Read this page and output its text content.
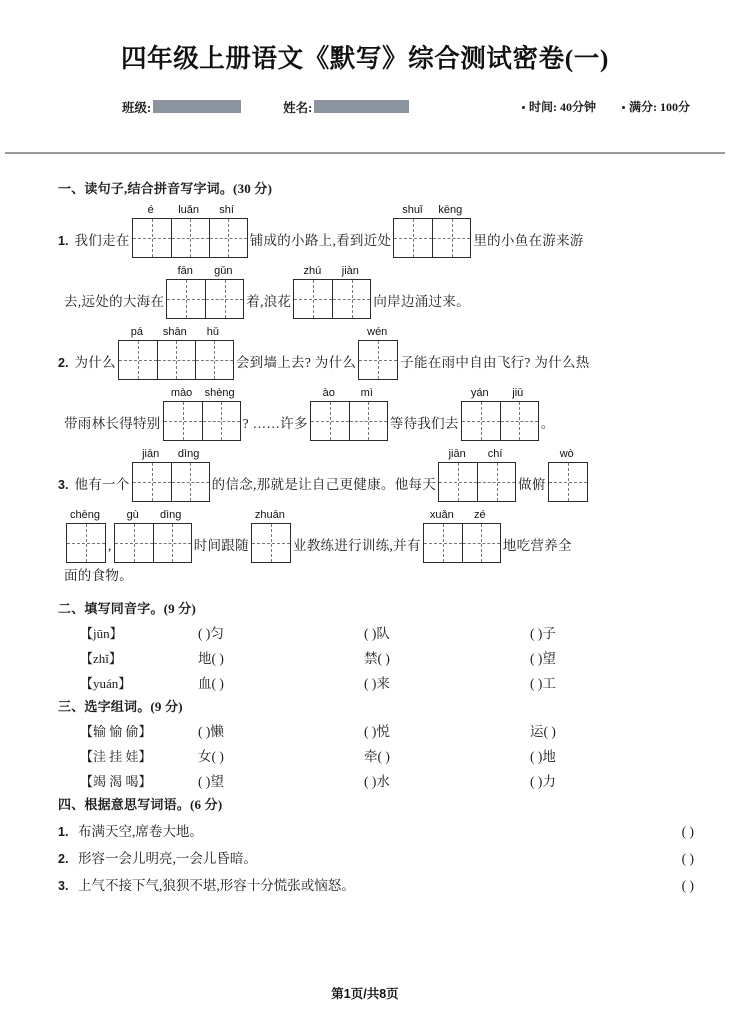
四年级上册语文《默写》综合测试密卷(一)
班级:	姓名:	时间: 40分钟	满分: 100分
一、读句子,结合拼音写字词。(30 分)
1. 我们走在
é	luǎn	shí
铺成的小路上,看到近处
shuǐ	kēng
里的小鱼在游来游
去,远处的大海在
fān	gǔn
着,浪花
zhú	jiàn
向岸边涌过来。
2. 为什么
pá	shān	hǔ
会到墙上去? 为什么
wén
子能在雨中自由飞行? 为什么热
带雨林长得特别
mào	shèng
? ……许多
ào	mì
等待我们去
yán	jiū
。
3. 他有一个
jiān	dìng
的信念,那就是让自己更健康。他每天
jiān	chí
做俯
wò
chēng
,
gù	dìng
时间跟随
zhuān
业教练进行训练,并有
xuǎn	zé
地吃营养全
面的食物。
二、填写同音字。(9 分)
【jūn】	( )匀	( )队	( )子
【zhǐ】	地( )	禁( )	( )望
【yuán】	血( )	( )来	( )工
三、选字组词。(9 分)
【输 愉 偷】	( )懒	( )悦	运( )
【洼 挂 娃】	女( )	牵( )	( )地
【竭 渴 喝】	( )望	( )水	( )力
四、根据意思写词语。(6 分)
1. 布满天空,席卷大地。	( )
2. 形容一会儿明亮,一会儿昏暗。	( )
3. 上气不接下气,狼狈不堪,形容十分慌张或恼怒。	( )
第1页/共8页
